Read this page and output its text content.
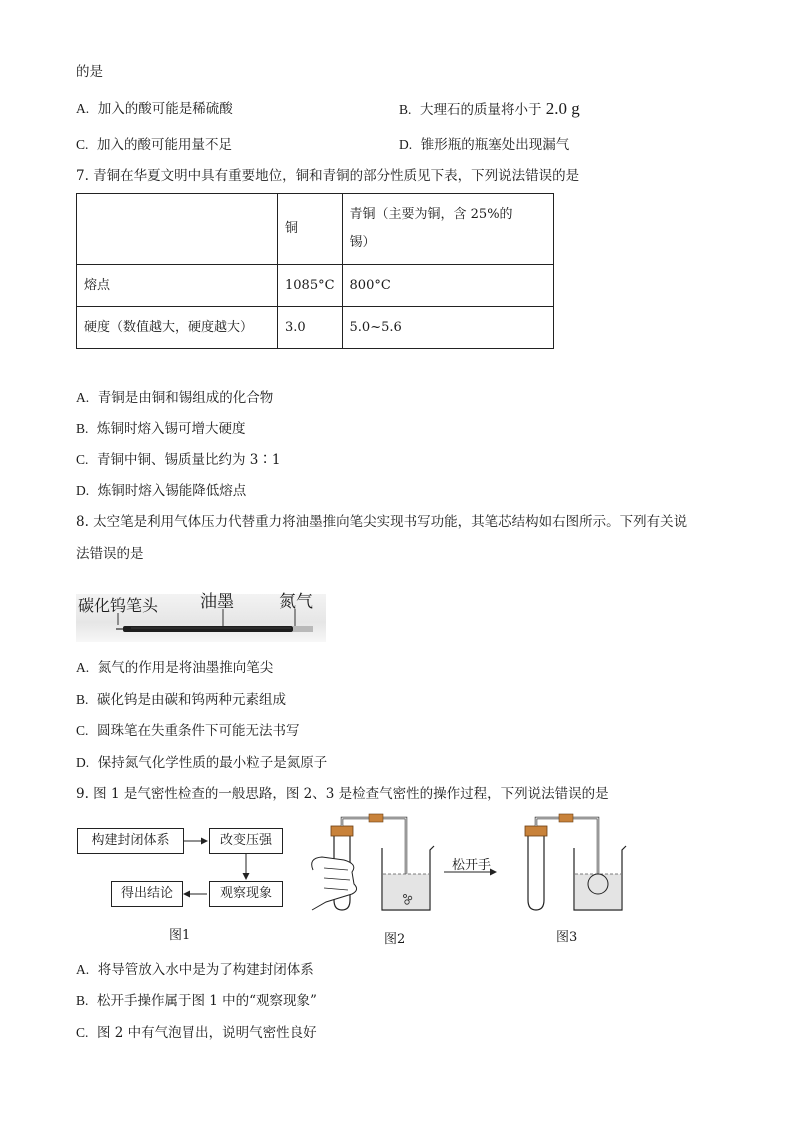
的是
A. 加入的酸可能是稀硫酸	B. 大理石的质量将小于 2.0 g
C. 加入的酸可能用量不足	D. 锥形瓶的瓶塞处出现漏气
7. 青铜在华夏文明中具有重要地位，铜和青铜的部分性质见下表，下列说法错误的是
	铜	青铜（主要为铜，含 25%的
锡）
熔点	1085°C	800°C
硬度（数值越大，硬度越大）	3.0	5.0~5.6
A. 青铜是由铜和锡组成的化合物
B. 炼铜时熔入锡可增大硬度
C. 青铜中铜、锡质量比约为 3∶1
D. 炼铜时熔入锡能降低熔点
8. 太空笔是利用气体压力代替重力将油墨推向笔尖实现书写功能，其笔芯结构如右图所示。下列有关说
法错误的是
碳化钨笔头 油墨	氮气
A. 氮气的作用是将油墨推向笔尖
B. 碳化钨是由碳和钨两种元素组成
C. 圆珠笔在失重条件下可能无法书写
D. 保持氮气化学性质的最小粒子是氮原子
9. 图 1 是气密性检查的一般思路，图 2、3 是检查气密性的操作过程，下列说法错误的是
构建封闭体系	改变压强
观察现象
得出结论
松开手
图1	图2	图3
A. 将导管放入水中是为了构建封闭体系
B. 松开手操作属于图 1 中的“观察现象”
C. 图 2 中有气泡冒出，说明气密性良好
